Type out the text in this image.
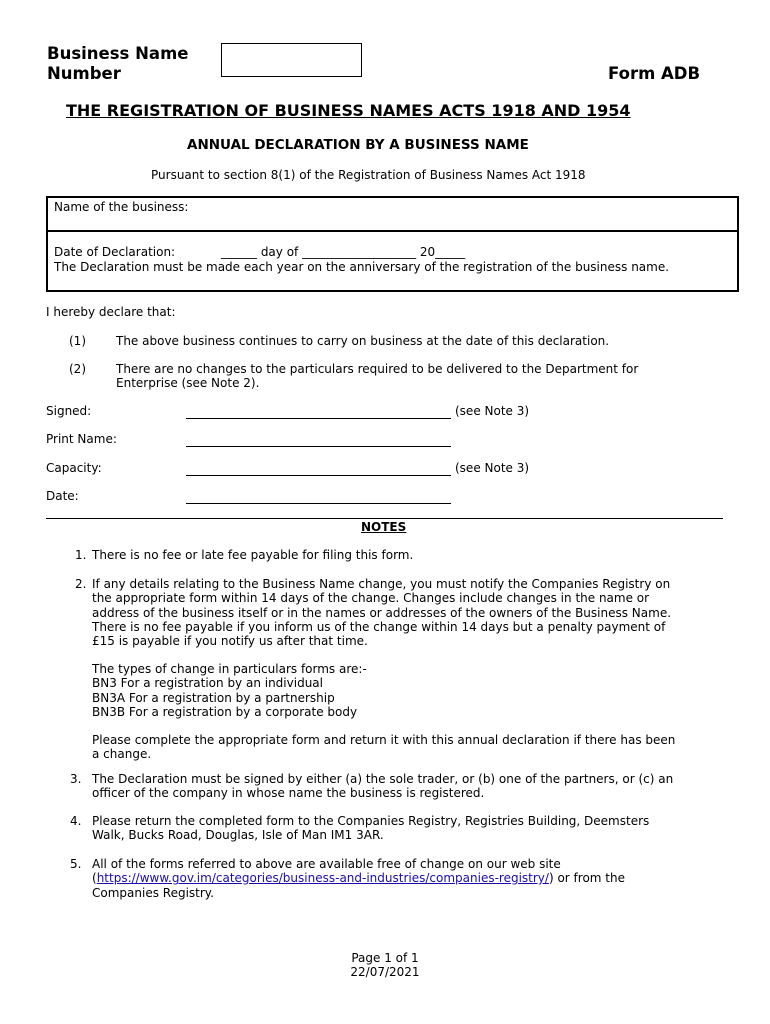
Business Name
Number	Form ADB
THE REGISTRATION OF BUSINESS NAMES ACTS 1918 AND 1954
ANNUAL DECLARATION BY A BUSINESS NAME
Pursuant to section 8(1) of the Registration of Business Names Act 1918
Name of the business:
Date of Declaration:	______ day of ___________________ 20_____
The Declaration must be made each year on the anniversary of the registration of the business name.
I hereby declare that:
(1)	The above business continues to carry on business at the date of this declaration.
(2)	There are no changes to the particulars required to be delivered to the Department for
Enterprise (see Note 2).
Signed:	(see Note 3)
Print Name:
Capacity:	(see Note 3)
Date:
NOTES
1. There is no fee or late fee payable for filing this form.
2. If any details relating to the Business Name change, you must notify the Companies Registry on
the appropriate form within 14 days of the change. Changes include changes in the name or
address of the business itself or in the names or addresses of the owners of the Business Name.
There is no fee payable if you inform us of the change within 14 days but a penalty payment of
£15 is payable if you notify us after that time.
The types of change in particulars forms are:-
BN3 For a registration by an individual
BN3A For a registration by a partnership
BN3B For a registration by a corporate body
Please complete the appropriate form and return it with this annual declaration if there has been
a change.
3. The Declaration must be signed by either (a) the sole trader, or (b) one of the partners, or (c) an
officer of the company in whose name the business is registered.
4. Please return the completed form to the Companies Registry, Registries Building, Deemsters
Walk, Bucks Road, Douglas, Isle of Man IM1 3AR.
5. All of the forms referred to above are available free of change on our web site
(https://www.gov.im/categories/business-and-industries/companies-registry/) or from the
Companies Registry.
Page 1 of 1
22/07/2021
